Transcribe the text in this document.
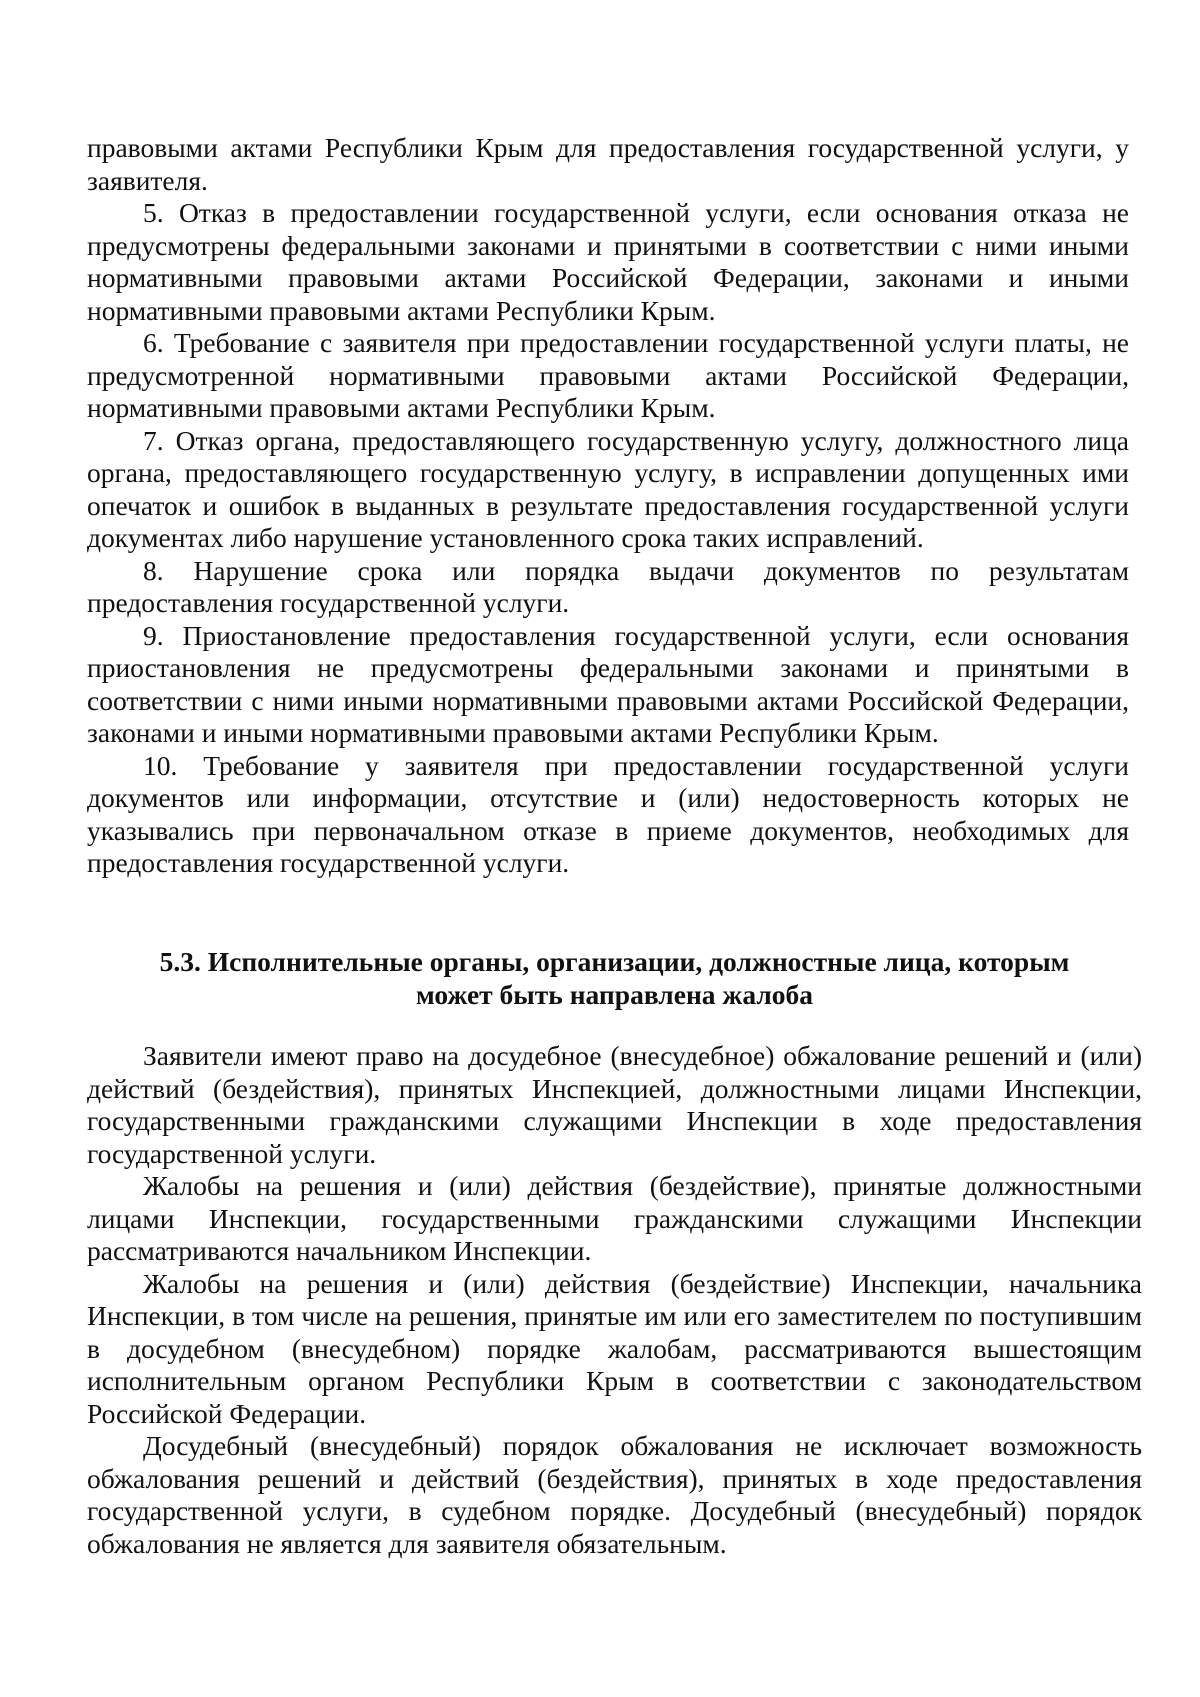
правовыми актами Республики Крым для предоставления государственной услуги, у заявителя.

5. Отказ в предоставлении государственной услуги, если основания отказа не предусмотрены федеральными законами и принятыми в соответствии с ними иными нормативными правовыми актами Российской Федерации, законами и иными нормативными правовыми актами Республики Крым.

6. Требование с заявителя при предоставлении государственной услуги платы, не предусмотренной нормативными правовыми актами Российской Федерации, нормативными правовыми актами Республики Крым.

7. Отказ органа, предоставляющего государственную услугу, должностного лица органа, предоставляющего государственную услугу, в исправлении допущенных ими опечаток и ошибок в выданных в результате предоставления государственной услуги документах либо нарушение установленного срока таких исправлений.

8. Нарушение срока или порядка выдачи документов по результатам предоставления государственной услуги.

9. Приостановление предоставления государственной услуги, если основания приостановления не предусмотрены федеральными законами и принятыми в соответствии с ними иными нормативными правовыми актами Российской Федерации, законами и иными нормативными правовыми актами Республики Крым.

10. Требование у заявителя при предоставлении государственной услуги документов или информации, отсутствие и (или) недостоверность которых не указывались при первоначальном отказе в приеме документов, необходимых для предоставления государственной услуги.

5.3. Исполнительные органы, организации, должностные лица, которым
может быть направлена жалоба

Заявители имеют право на досудебное (внесудебное) обжалование решений и (или) действий (бездействия), принятых Инспекцией, должностными лицами Инспекции, государственными гражданскими служащими Инспекции в ходе предоставления государственной услуги.

Жалобы на решения и (или) действия (бездействие), принятые должностными лицами Инспекции, государственными гражданскими служащими Инспекции рассматриваются начальником Инспекции.

Жалобы на решения и (или) действия (бездействие) Инспекции, начальника Инспекции, в том числе на решения, принятые им или его заместителем по поступившим в досудебном (внесудебном) порядке жалобам, рассматриваются вышестоящим исполнительным органом Республики Крым в соответствии с законодательством Российской Федерации.

Досудебный (внесудебный) порядок обжалования не исключает возможность обжалования решений и действий (бездействия), принятых в ходе предоставления государственной услуги, в судебном порядке. Досудебный (внесудебный) порядок обжалования не является для заявителя обязательным.
